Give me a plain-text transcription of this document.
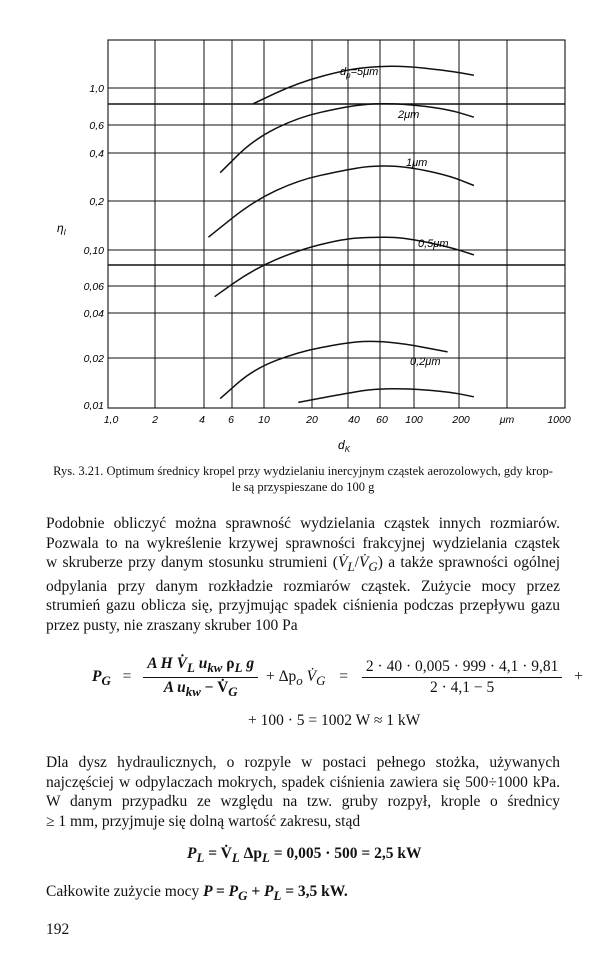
1,0
0,6
0,4
0,2
0,10
0,06
0,04
0,02
0,01
1,0	2	4 6 10	20	40 60 100	200	μm	1000
$\eta_I$
$d_K$
$d_p=5\mu m$
2μm
1μm
0,5μm
0,2μm
Rys. 3.21. Optimum średnicy kropel przy wydzielaniu inercyjnym cząstek aerozolowych, gdy krop-
le są przyspieszane do 100 g
Podobnie obliczyć można sprawność wydzielania cząstek innych rozmiarów.
Pozwala to na wykreślenie krzywej sprawności frakcyjnej wydzielania cząstek
w skruberze przy danym stosunku strumieni $(V̇_L/V̇_G)$ a także sprawności ogólnej
odpylania przy danym rozkładzie rozmiarów cząstek. Zużycie mocy przez
strumień gazu oblicza się, przyjmując spadek ciśnienia podczas przepływu gazu
przez pusty, nie zraszany skruber 100 Pa
$P_G = \frac{A H V̇_L u_{kw} \rho_L g}{A u_{kw} - V̇_G} + \Delta p_o$ $V̇_G = \frac{2 \cdot 40 \cdot 0,005 \cdot 999 \cdot 4,1 \cdot 9,81}{2 \cdot 4,1 - 5}$ +
+ 100 · 5 = 1002 W ≈ 1 kW
Dla dysz hydraulicznych, o rozpyle w postaci pełnego stożka, używanych
najczęściej w odpylaczach mokrych, spadek ciśnienia zawiera się 500÷1000 kPa.
W danym przypadku ze względu na tzw. gruby rozpył, krople o średnicy
≥ 1 mm, przyjmuje się dolną wartość zakresu, stąd
$P_L$ = $V̇_L$ $\Delta p_L = 0,005 \cdot 500 = 2,5$ kW
Całkowite zużycie mocy $P = P_G + P_L = 3,5$ kW.
192
